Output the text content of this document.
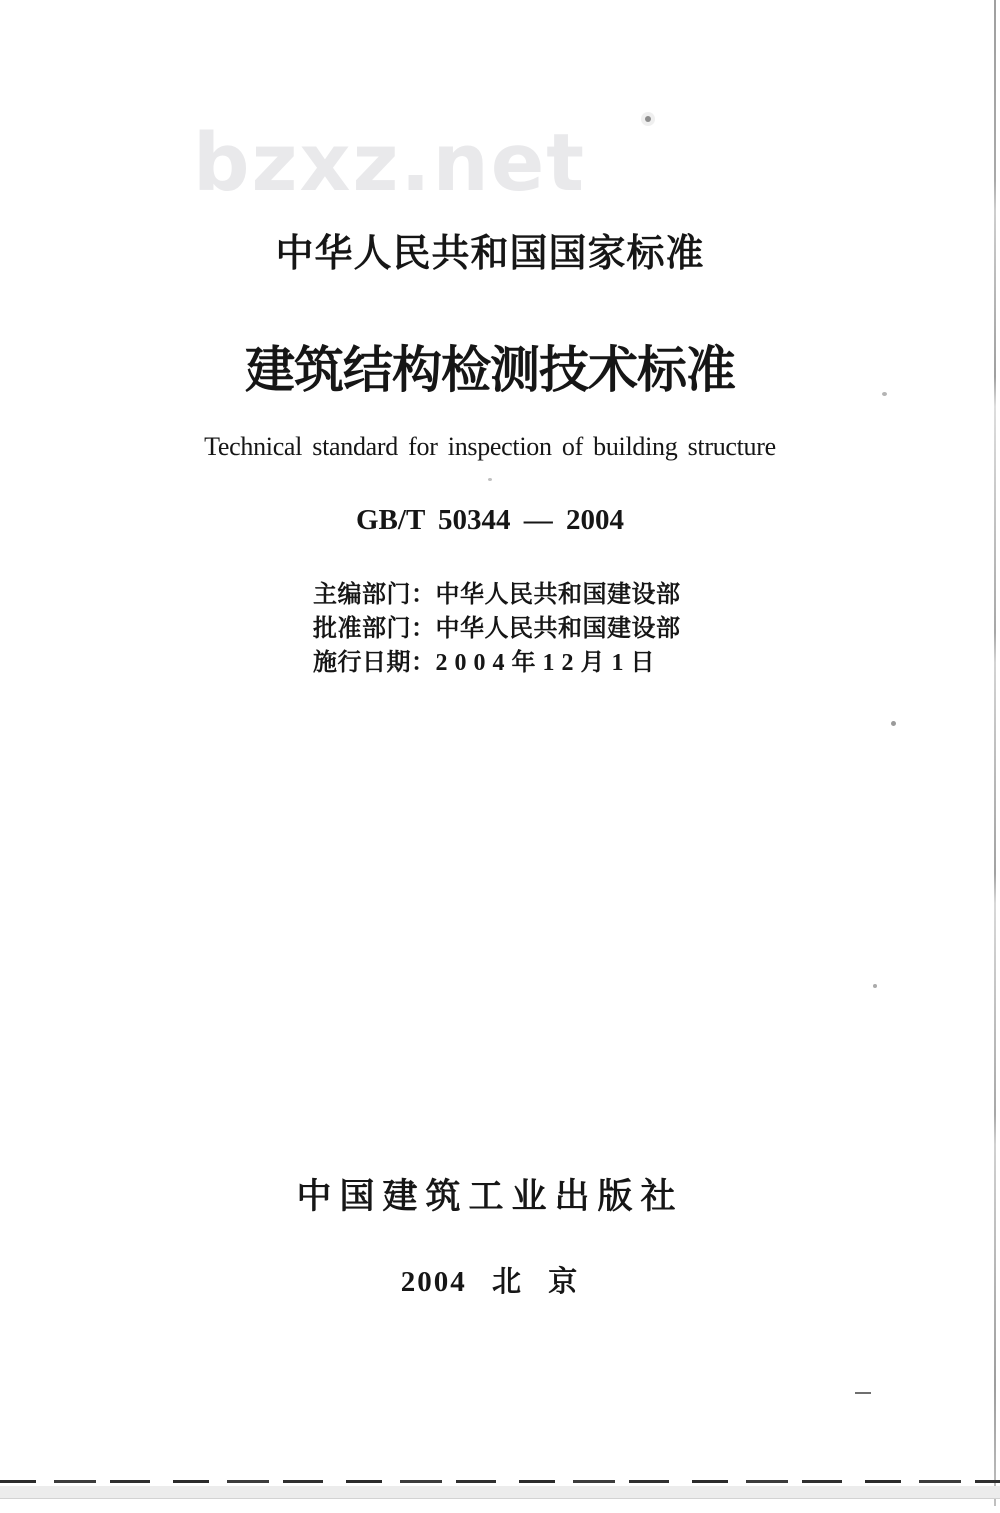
bzxz.net
中华人民共和国国家标准
建筑结构检测技术标准
Technical standard for inspection of building structure
GB/T 50344 — 2004
主编部门：中华人民共和国建设部
批准部门：中华人民共和国建设部
施行日期：2 0 0 4 年 1 2 月 1 日
中国建筑工业出版社
2004 北 京
